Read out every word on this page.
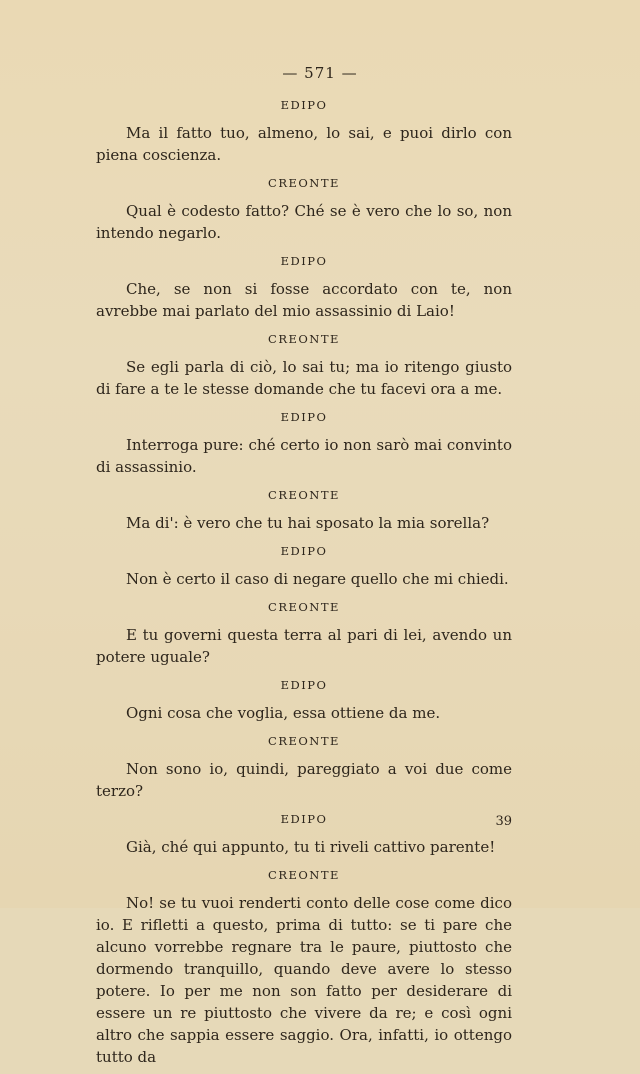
— 571 —
EDIPO

Ma il fatto tuo, almeno, lo sai, e puoi dirlo con piena coscienza.

CREONTE

Qual è codesto fatto? Ché se è vero che lo so, non intendo negarlo.

EDIPO

Che, se non si fosse accordato con te, non avrebbe mai parlato del mio assassinio di Laio!

CREONTE

Se egli parla di ciò, lo sai tu; ma io ritengo giusto di fare a te le stesse domande che tu facevi ora a me.

EDIPO

Interroga pure: ché certo io non sarò mai convinto di assassinio.

CREONTE

Ma di': è vero che tu hai sposato la mia sorella?

EDIPO

Non è certo il caso di negare quello che mi chiedi.

CREONTE

E tu governi questa terra al pari di lei, avendo un potere uguale?

EDIPO

Ogni cosa che voglia, essa ottiene da me.

CREONTE

Non sono io, quindi, pareggiato a voi due come terzo?

EDIPO

Già, ché qui appunto, tu ti riveli cattivo parente!

CREONTE

No! se tu vuoi renderti conto delle cose come dico io. E rifletti a questo, prima di tutto: se ti pare che alcuno vorrebbe regnare tra le paure, piuttosto che dormendo tranquillo, quando deve avere lo stesso potere. Io per me non son fatto per desiderare di essere un re piuttosto che vivere da re; e così ogni altro che sappia essere saggio. Ora, infatti, io ottengo tutto da

39
